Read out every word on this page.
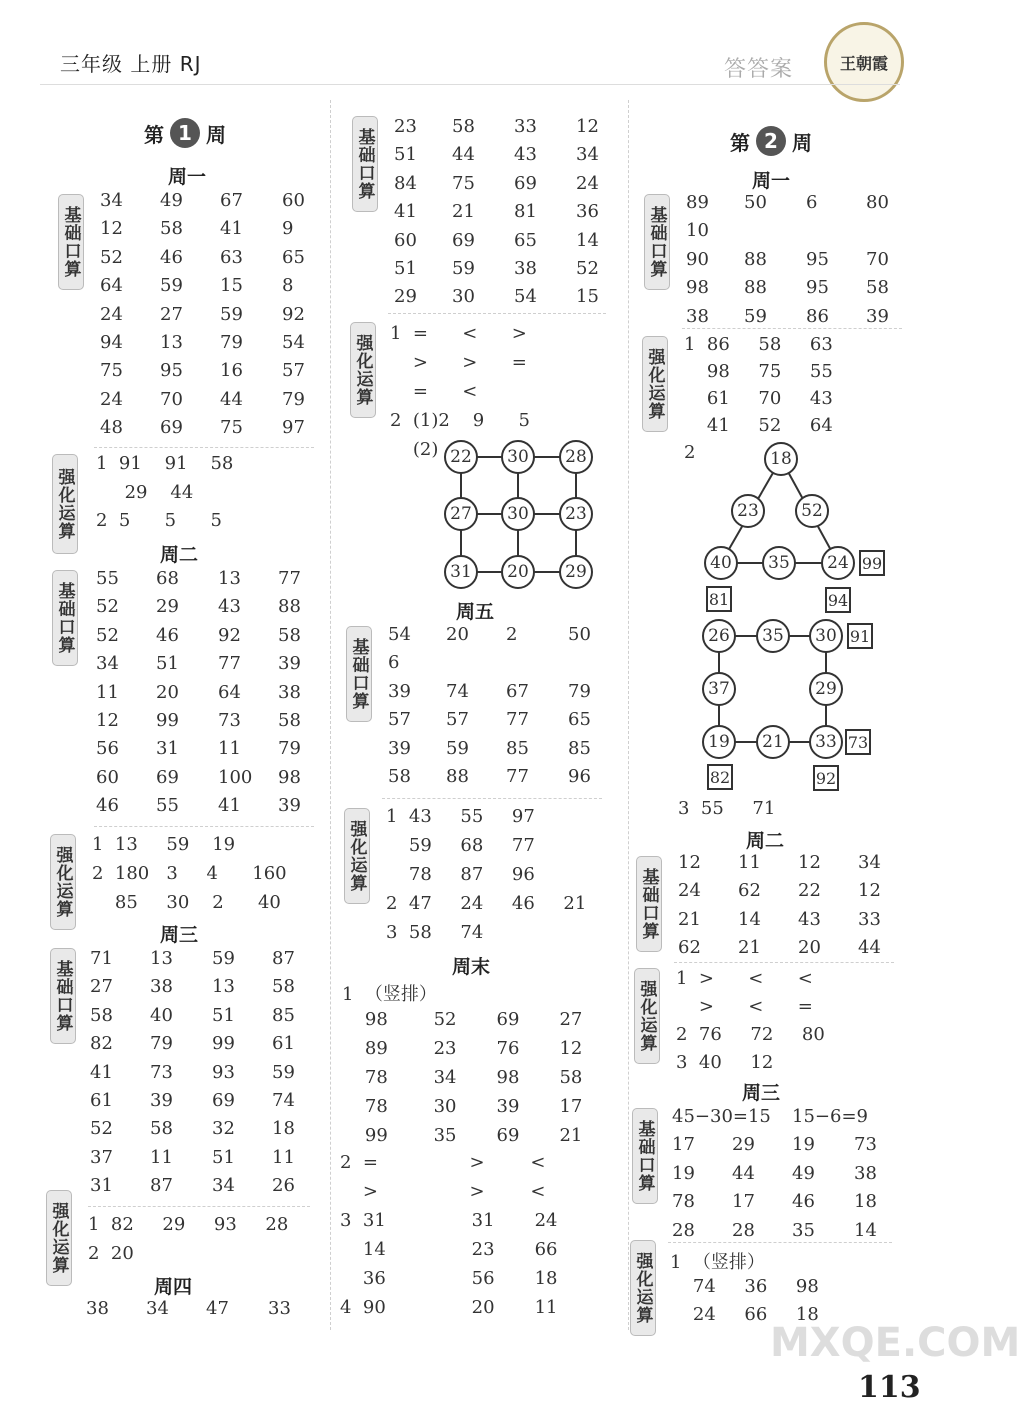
三年级 上册 RJ	答答案	王朝霞
第 1 周
周一
基础口算
34 49 67 60
12 58 41 9
52 46 63 65
64 59 15 8
24 27 59 92
94 13 79 54
75 95 16 57
24 70 44 79
48 69 75 97
强化运算
周二
基础口算
55 68 13 77
52 29 43 88
52 46 92 58
34 51 77 39
11 20 64 38
12 99 73 58
56 31 11 79
60 69 100 98
46 55 41 39
强化运算
周三
基础口算
71 13 59 87
27 38 13 58
58 40 51 85
82 79 99 61
41 73 93 59
61 39 69 74
52 58 32 18
37 11 51 11
31 87 34 26
强化运算
周四
38 34 47 33
基础口算
23 58 33 12
51 44 43 34
84 75 69 24
41 21 81 36
60 69 65 14
51 59 38 52
29 30 54 15
强化运算
周五
基础口算
54 20 2	50
6
39 74 67 79
57 57 77 65
39 59 85 85
58 88 77 96
强化运算
周末
第 2 周
周一
基础口算
89 50 6	80
10
90 88 95 70
98 88 95 58
38 59 86 39
强化运算
周二
基础口算
12 11 12 34
24 62 22 12
21 14 43 33
62 21 20 44
强化运算
周三
基础口算
45−30=15 15−6=9
17 29 19 73
19 44 49 38
78 17 46 18
28 28 35 14
强化运算
113
MXQE.COM
1  91    91    58
29    44
2  5      5      5
1  13     59    19
2  180   3     4      160
85     30    2      40
1  82     29     93     28
2  20
1  =      <      >
>      >      =
=      <
2  (1)2    9      5
(2)
1  43     55     97
59     68     77
78     87     96
2  47     24     46     21
3  58     74
1  （竖排）
98        52       69       27
89        23       76       12
78        34       98       58
78        30       39       17
99        35       69       21
2  =                >        <
>                >        <
3  31               31       24
14               23       66
36               56       18
4  90               20       11
1  86     58     63
98     75     55
61     70     43
41     52     64
2
1  >      <      <
>      <      =
2  76     72     80
3  40     12
1  （竖排）
74     36     98
24     66     18
3  55     71
22	30	28
27	30	23
31	20	29
18
23	52
40	35	24 99
81	94
26	35	30
37	29
19	21	33
91
73
82	92
